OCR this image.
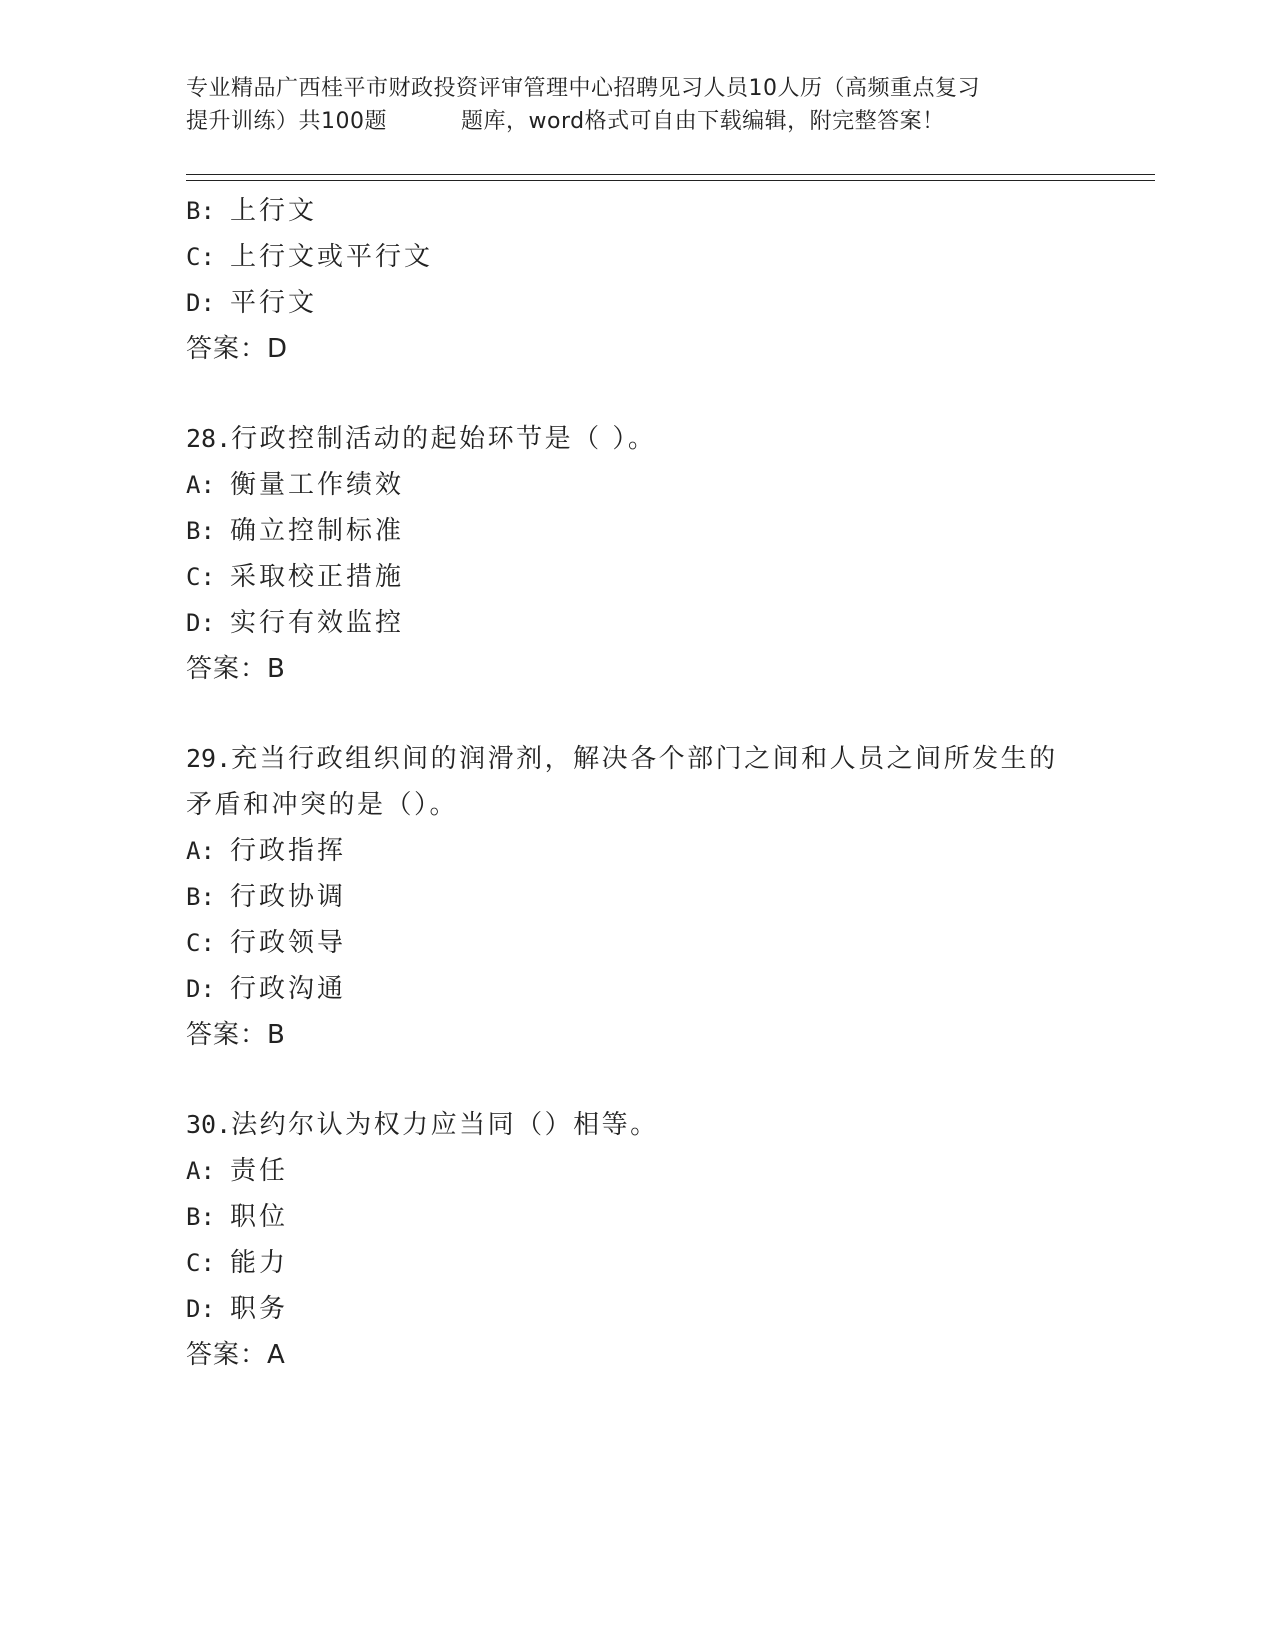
专业精品广西桂平市财政投资评审管理中心招聘见习人员10人历（高频重点复习
提升训练）共100题	题库，word格式可自由下载编辑，附完整答案！
B: 上行文
C: 上行文或平行文
D: 平行文
答案：D
28.行政控制活动的起始环节是（ ）。
A: 衡量工作绩效
B: 确立控制标准
C: 采取校正措施
D: 实行有效监控
答案：B
29.充当行政组织间的润滑剂，解决各个部门之间和人员之间所发生的
矛盾和冲突的是（）。
A: 行政指挥
B: 行政协调
C: 行政领导
D: 行政沟通
答案：B
30.法约尔认为权力应当同（）相等。
A: 责任
B: 职位
C: 能力
D: 职务
答案：A
